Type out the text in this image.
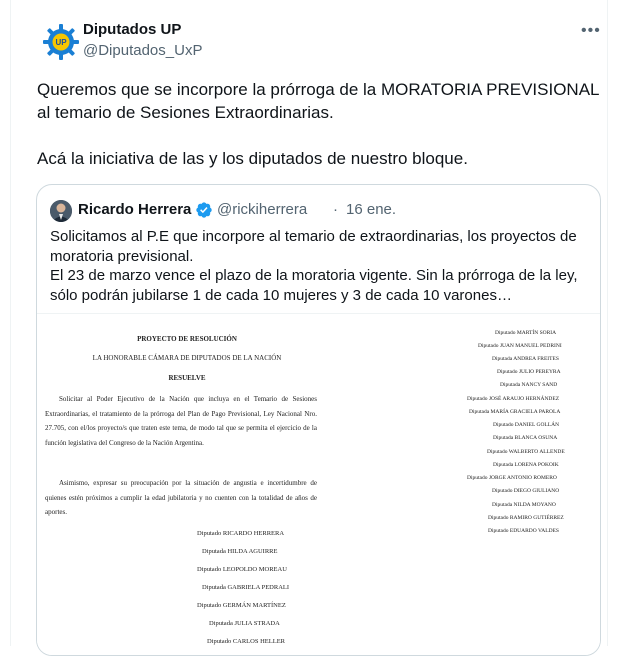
UP
Diputados UP
@Diputados_UxP
•••
Queremos que se incorpore la prórroga de la MORATORIA PREVISIONAL
al temario de Sesiones Extraordinarias.

Acá la iniciativa de las y los diputados de nuestro bloque.
Ricardo Herrera @rickiherrera · 16 ene.
Solicitamos al P.E que incorpore al temario de extraordinarias, los proyectos de
moratoria previsional.
El 23 de marzo vence el plazo de la moratoria vigente. Sin la prórroga de la ley,
sólo podrán jubilarse 1 de cada 10 mujeres y 3 de cada 10 varones…
PROYECTO DE RESOLUCIÓN
LA HONORABLE CÁMARA DE DIPUTADOS DE LA NACIÓN
RESUELVE
Solicitar al Poder Ejecutivo de la Nación que incluya en el Temario de Sesiones Extraordinarias, el tratamiento de la prórroga del Plan de Pago Previsional, Ley Nacional Nro. 27.705, con el/los proyecto/s que traten este tema, de modo tal que se permita el ejercicio de la función legislativa del Congreso de la Nación Argentina.
Asimismo, expresar su preocupación por la situación de angustia e incertidumbre de quienes estén próximos a cumplir la edad jubilatoria y no cuenten con la totalidad de años de aportes.
Diputado RICARDO HERRERA
Diputada HILDA AGUIRRE
Diputado LEOPOLDO MOREAU
Diputada GABRIELA PEDRALI
Diputado GERMÁN MARTÍNEZ
Diputada JULIA STRADA
Diputado CARLOS HELLER
Diputado MARTÍN SORIA
Diputado JUAN MANUEL PEDRINI
Diputada ANDREA FREITES
Diputado JULIO PEREYRA
Diputada NANCY SAND
Diputado JOSÉ ARAUJO HERNÁNDEZ
Diputada MARÍA GRACIELA PAROLA
Diputado DANIEL GOLLÁN
Diputada BLANCA OSUNA
Diputado WALBERTO ALLENDE
Diputada LORENA POKOIK
Diputado JORGE ANTONIO ROMERO
Diputado DIEGO GIULIANO
Diputada NILDA MOYANO
Diputado RAMIRO GUTIÉRREZ
Diputado EDUARDO VALDES
